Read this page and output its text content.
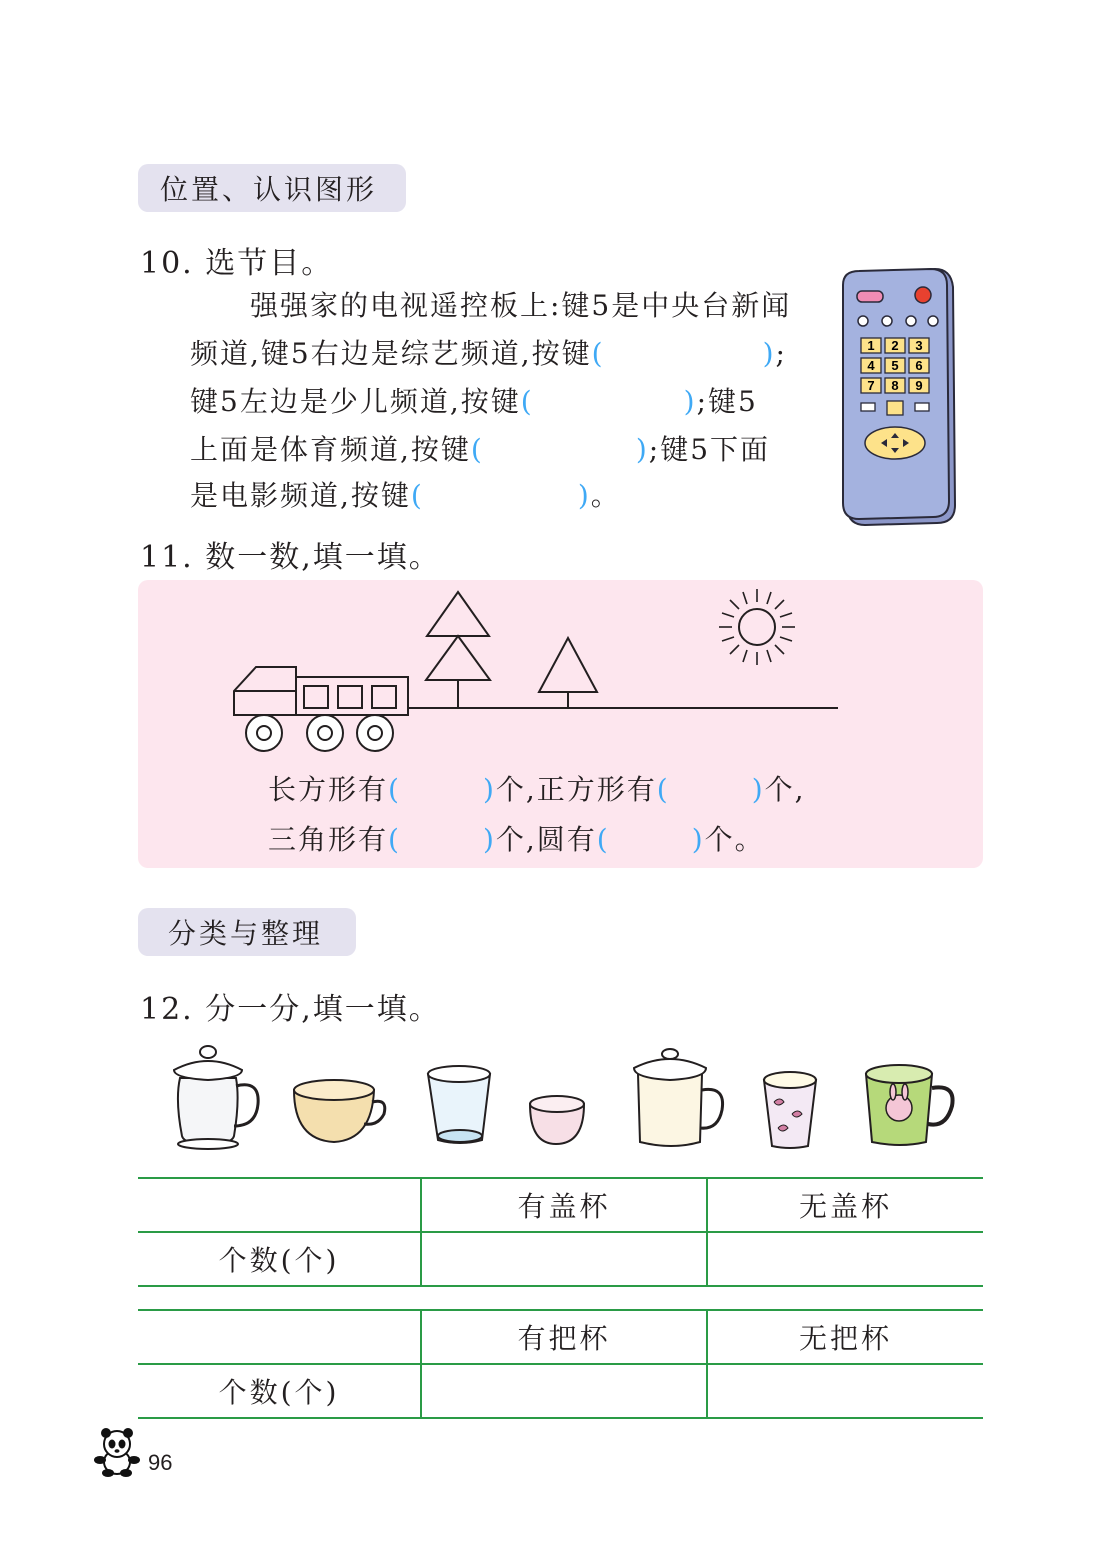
位置、认识图形
10. 选节目。
强强家的电视遥控板上:键5是中央台新闻
频道,键5右边是综艺频道,按键(	);
键5左边是少儿频道,按键(	);键5
上面是体育频道,按键(	);键5下面
是电影频道,按键(	)。
1 2 3
4 5 6
7 8 9
11. 数一数,填一填。
长方形有(	)个,正方形有(	)个,
三角形有(	)个,圆有(	)个。
分类与整理
12. 分一分,填一填。
	有盖杯	无盖杯
个数(个)		
	有把杯	无把杯
个数(个)		
96
